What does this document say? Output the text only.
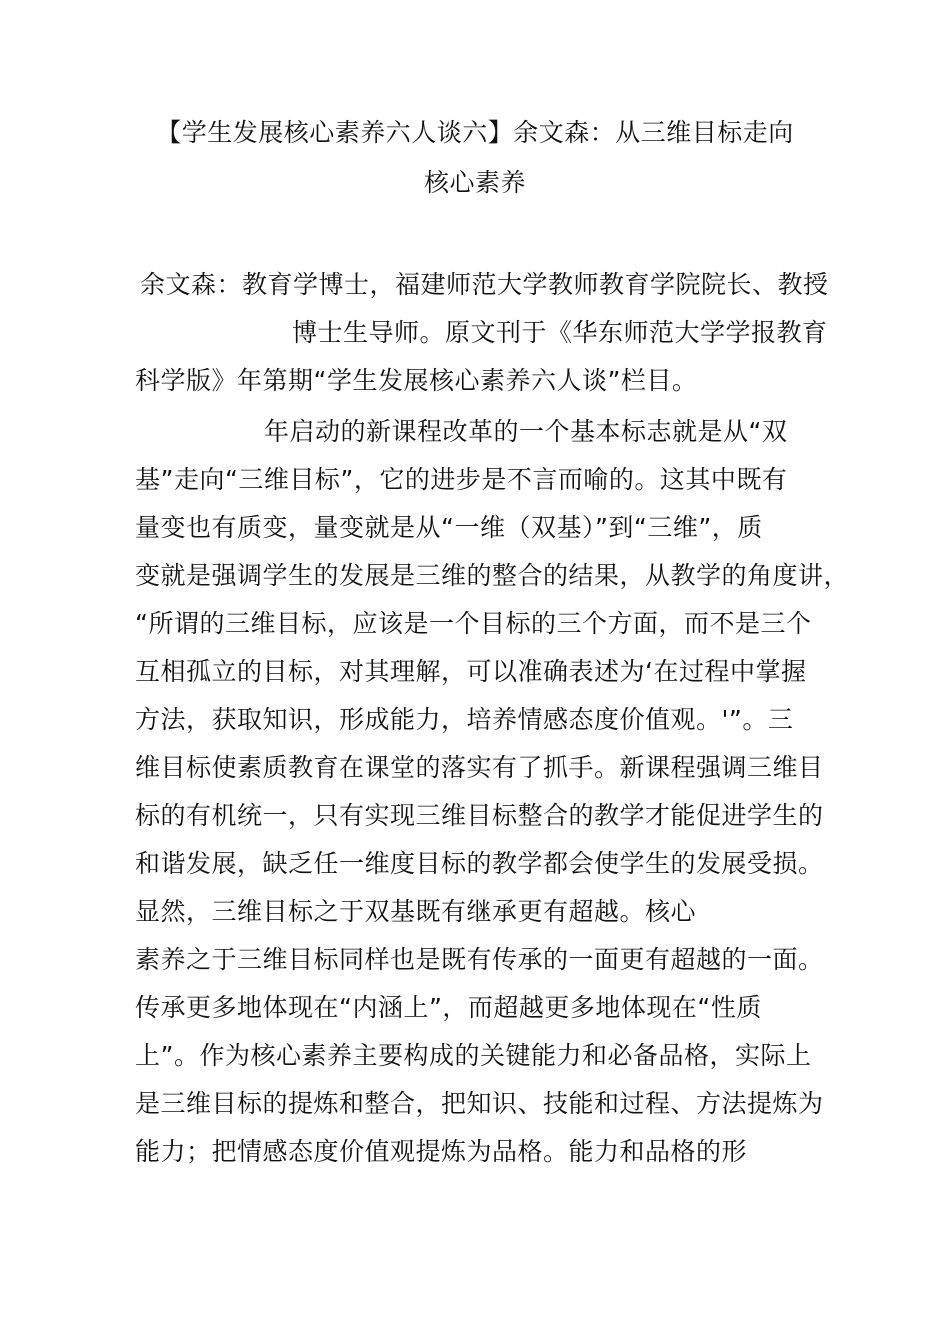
【学生发展核心素养六人谈六】余文森：从三维目标走向
核心素养
余文森：教育学博士，福建师范大学教师教育学院院长、教授
博士生导师。原文刊于《华东师范大学学报教育
科学版》年第期“学生发展核心素养六人谈”栏目。
年启动的新课程改革的一个基本标志就是从“双
基”走向“三维目标”，它的进步是不言而喻的。这其中既有
量变也有质变，量变就是从“一维（双基）”到“三维”，质
变就是强调学生的发展是三维的整合的结果，从教学的角度讲，
“所谓的三维目标，应该是一个目标的三个方面，而不是三个
互相孤立的目标，对其理解，可以准确表述为‘在过程中掌握
方法，获取知识，形成能力，培养情感态度价值观。'”。三
维目标使素质教育在课堂的落实有了抓手。新课程强调三维目
标的有机统一，只有实现三维目标整合的教学才能促进学生的
和谐发展，缺乏任一维度目标的教学都会使学生的发展受损。
显然，三维目标之于双基既有继承更有超越。核心
素养之于三维目标同样也是既有传承的一面更有超越的一面。
传承更多地体现在“内涵上”，而超越更多地体现在“性质
上”。作为核心素养主要构成的关键能力和必备品格，实际上
是三维目标的提炼和整合，把知识、技能和过程、方法提炼为
能力；把情感态度价值观提炼为品格。能力和品格的形
